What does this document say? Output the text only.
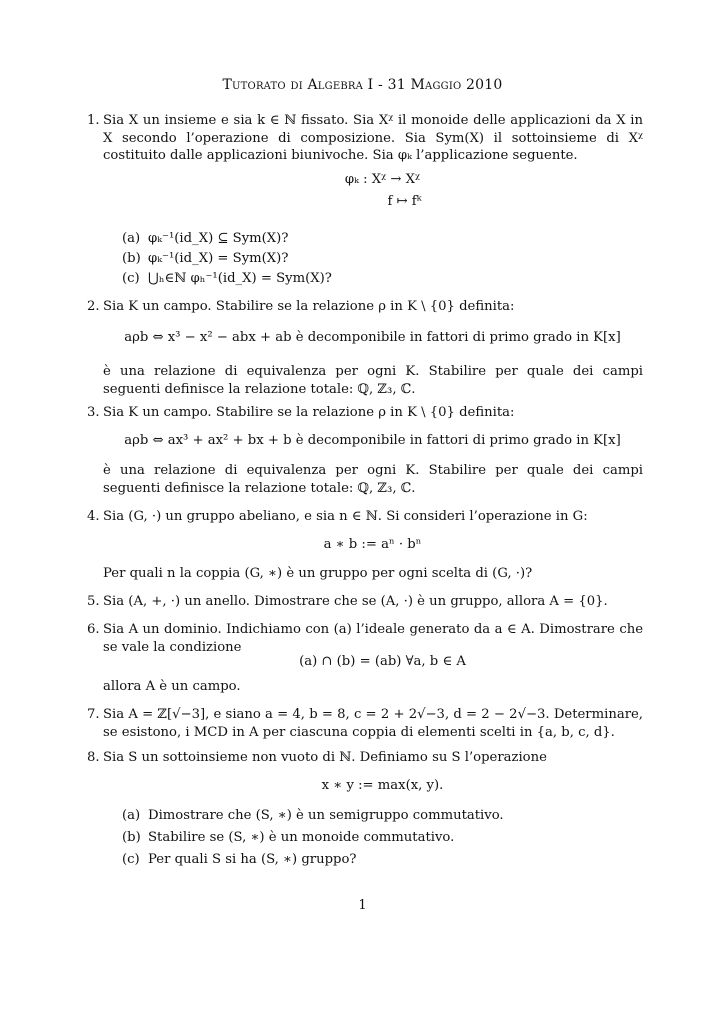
Tutorato di Algebra I - 31 Maggio 2010
1. Sia X un insieme e sia k ∈ ℕ fissato. Sia Xᵡ il monoide delle applicazioni da X in X secondo l’operazione di composizione. Sia Sym(X) il sottoinsieme di Xᵡ costituito dalle applicazioni biunivoche. Sia φₖ l’applicazione seguente.

φₖ : Xᵡ → Xᵡ
f ↦ fᵏ
(a) φₖ⁻¹(id_X) ⊆ Sym(X)?
(b) φₖ⁻¹(id_X) = Sym(X)?
(c) ⋃ₕ∈ℕ φₕ⁻¹(id_X) = Sym(X)?
2. Sia K un campo. Stabilire se la relazione ρ in K \ {0} definita:

aρb ⇔ x³ − x² − abx + ab è decomponibile in fattori di primo grado in K[x]

è una relazione di equivalenza per ogni K. Stabilire per quale dei campi seguenti definisce la relazione totale: ℚ, ℤ₃, ℂ.

3. Sia K un campo. Stabilire se la relazione ρ in K \ {0} definita:

aρb ⇔ ax³ + ax² + bx + b è decomponibile in fattori di primo grado in K[x]

è una relazione di equivalenza per ogni K. Stabilire per quale dei campi seguenti definisce la relazione totale: ℚ, ℤ₃, ℂ.

4. Sia (G, ·) un gruppo abeliano, e sia n ∈ ℕ. Si consideri l’operazione in G:

a ∗ b := aⁿ · bⁿ

Per quali n la coppia (G, ∗) è un gruppo per ogni scelta di (G, ·)?

5. Sia (A, +, ·) un anello. Dimostrare che se (A, ·) è un gruppo, allora A = {0}.

6. Sia A un dominio. Indichiamo con (a) l’ideale generato da a ∈ A. Dimostrare che se vale la condizione

(a) ∩ (b) = (ab) ∀a, b ∈ A

allora A è un campo.

7. Sia A = ℤ[√−3], e siano a = 4, b = 8, c = 2 + 2√−3, d = 2 − 2√−3. Determinare, se esistono, i MCD in A per ciascuna coppia di elementi scelti in {a, b, c, d}.

8. Sia S un sottoinsieme non vuoto di ℕ. Definiamo su S l’operazione

x ∗ y := max(x, y).
(a) Dimostrare che (S, ∗) è un semigruppo commutativo.
(b) Stabilire se (S, ∗) è un monoide commutativo.
(c) Per quali S si ha (S, ∗) gruppo?
1
